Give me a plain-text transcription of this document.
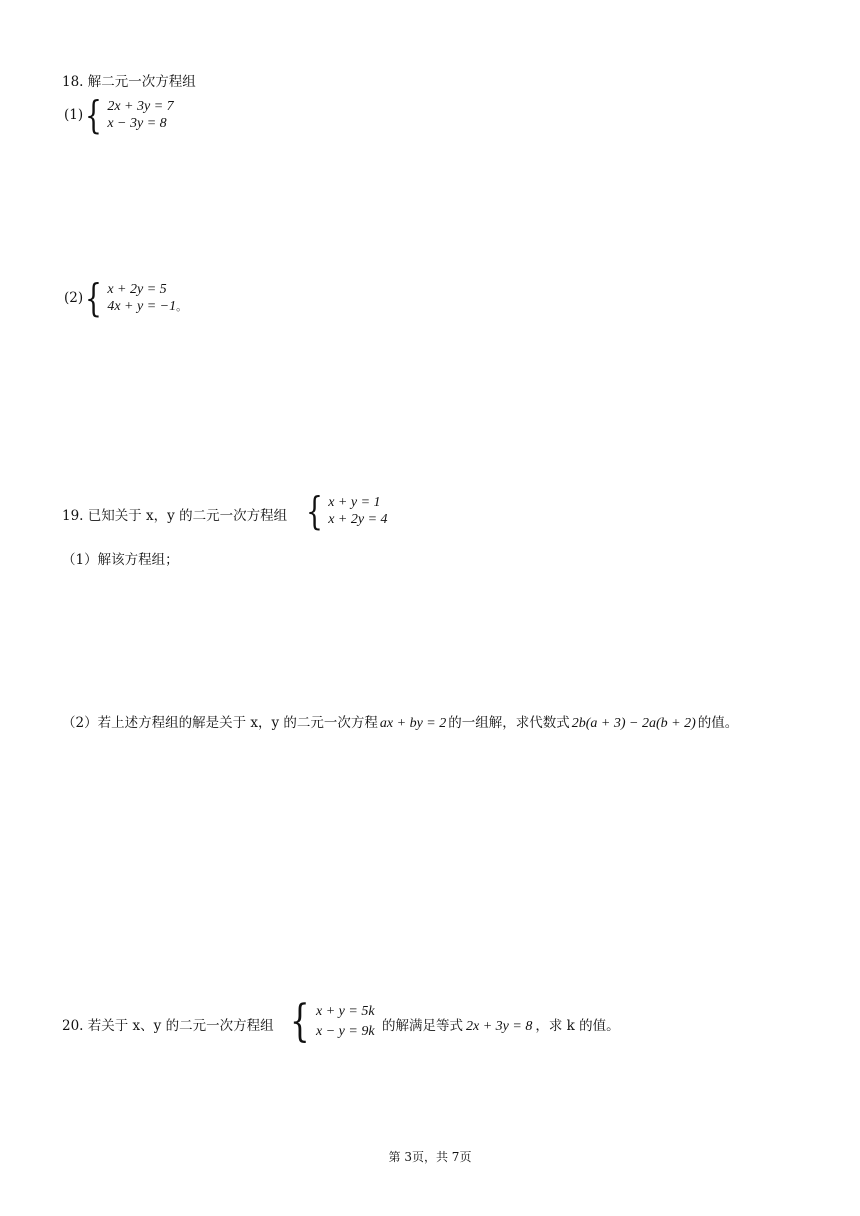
18. 解二元一次方程组
(1) { 2x + 3y = 7
x − 3y = 8
(2) { x + 2y = 5
4x + y = −1。
19. 已知关于 x，y 的二元一次方程组 { x + y = 1
x + 2y = 4
（1）解该方程组；
（2）若上述方程组的解是关于 x，y 的二元一次方程 ax + by = 2 的一组解，求代数式 2b(a + 3) − 2a(b + 2) 的值。
20. 若关于 x、y 的二元一次方程组 { x + y = 5k
x − y = 9k 的解满足等式 2x + 3y = 8 ，求 k 的值。
第 3页，共 7页
